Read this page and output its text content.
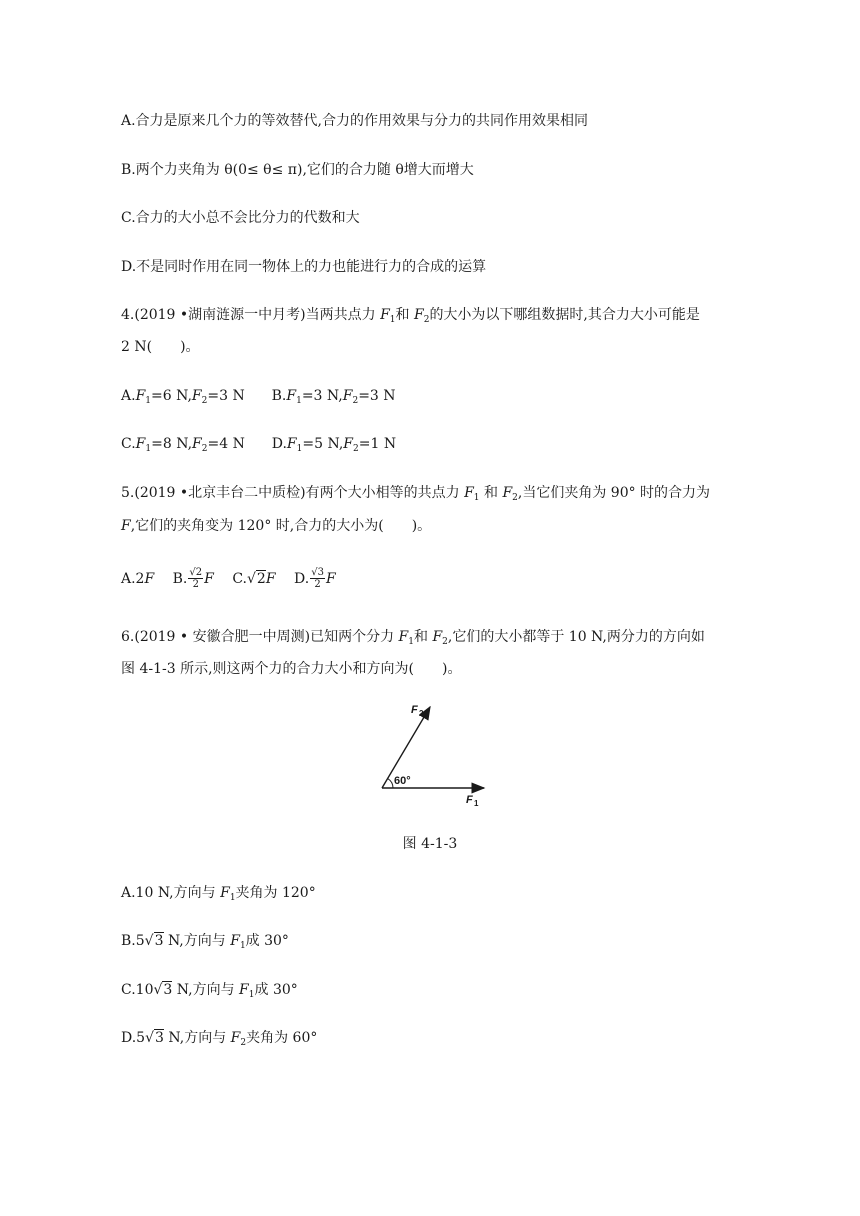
A.合力是原来几个力的等效替代,合力的作用效果与分力的共同作用效果相同
B.两个力夹角为 θ(0≤ θ≤ π),它们的合力随 θ增大而增大
C.合力的大小总不会比分力的代数和大
D.不是同时作用在同一物体上的力也能进行力的合成的运算
4.(2019 •湖南涟源一中月考)当两共点力 $F_1$和 $F_2$的大小为以下哪组数据时,其合力大小可能是
2 N(　　)。
$A.F_1=6$ $N,F_2=3$ N $B.F_1=3$ $N,F_2=3$ N
$C.F_1=8$ $N,F_2=4$ N $D.F_1=5$ $N,F_2=1$ N
5.(2019 •北京丰台二中质检)有两个大小相等的共点力 $F_1$ 和 $F_2$,当它们夹角为 90° 时的合力为
F,它们的夹角变为 120° 时,合力的大小为(　　)。
A.2F B. $\frac{√2}{2}$ F C.√2F D. $\frac{√3}{2}$ F
6.(2019 • 安徽合肥一中周测)已知两个分力 $F_1$和 $F_2$,它们的大小都等于 10 N,两分力的方向如
图 4-1-3 所示,则这两个力的合力大小和方向为(　　)。
60°
F 2
F 1
图 4-1-3
A.10 N,方向与 $F_1$夹角为 120°
B.5√3 N,方向与 $F_1$成 30°
C.10√3 N,方向与 $F_1$成 30°
D.5√3 N,方向与 $F_2$夹角为 60°
